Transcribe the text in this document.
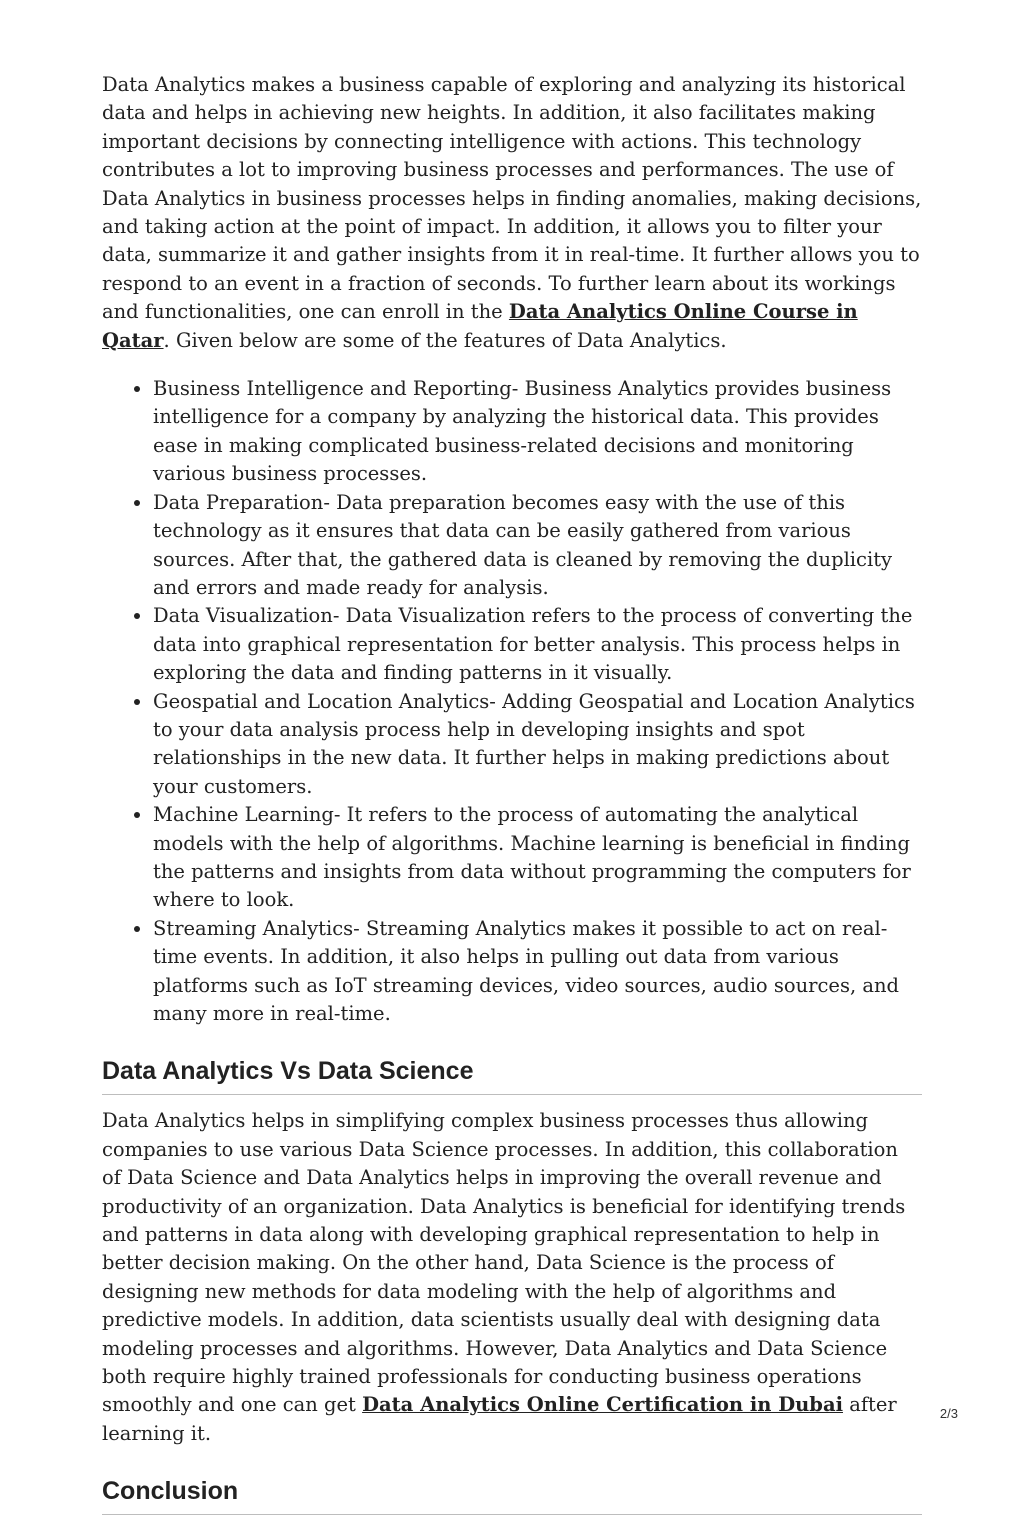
Data Analytics makes a business capable of exploring and analyzing its historical data and helps in achieving new heights. In addition, it also facilitates making important decisions by connecting intelligence with actions. This technology contributes a lot to improving business processes and performances. The use of Data Analytics in business processes helps in finding anomalies, making decisions, and taking action at the point of impact. In addition, it allows you to filter your data, summarize it and gather insights from it in real-time. It further allows you to respond to an event in a fraction of seconds. To further learn about its workings and functionalities, one can enroll in the Data Analytics Online Course in Qatar. Given below are some of the features of Data Analytics.

• Business Intelligence and Reporting- Business Analytics provides business intelligence for a company by analyzing the historical data. This provides ease in making complicated business-related decisions and monitoring various business processes.
• Data Preparation- Data preparation becomes easy with the use of this technology as it ensures that data can be easily gathered from various sources. After that, the gathered data is cleaned by removing the duplicity and errors and made ready for analysis.
• Data Visualization- Data Visualization refers to the process of converting the data into graphical representation for better analysis. This process helps in exploring the data and finding patterns in it visually.
• Geospatial and Location Analytics- Adding Geospatial and Location Analytics to your data analysis process help in developing insights and spot relationships in the new data. It further helps in making predictions about your customers.
• Machine Learning- It refers to the process of automating the analytical models with the help of algorithms. Machine learning is beneficial in finding the patterns and insights from data without programming the computers for where to look.
• Streaming Analytics- Streaming Analytics makes it possible to act on real-time events. In addition, it also helps in pulling out data from various platforms such as IoT streaming devices, video sources, audio sources, and many more in real-time.
Data Analytics Vs Data Science

Data Analytics helps in simplifying complex business processes thus allowing companies to use various Data Science processes. In addition, this collaboration of Data Science and Data Analytics helps in improving the overall revenue and productivity of an organization. Data Analytics is beneficial for identifying trends and patterns in data along with developing graphical representation to help in better decision making. On the other hand, Data Science is the process of designing new methods for data modeling with the help of algorithms and predictive models. In addition, data scientists usually deal with designing data modeling processes and algorithms. However, Data Analytics and Data Science both require highly trained professionals for conducting business operations smoothly and one can get Data Analytics Online Certification in Dubai after learning it.

Conclusion
2/3
